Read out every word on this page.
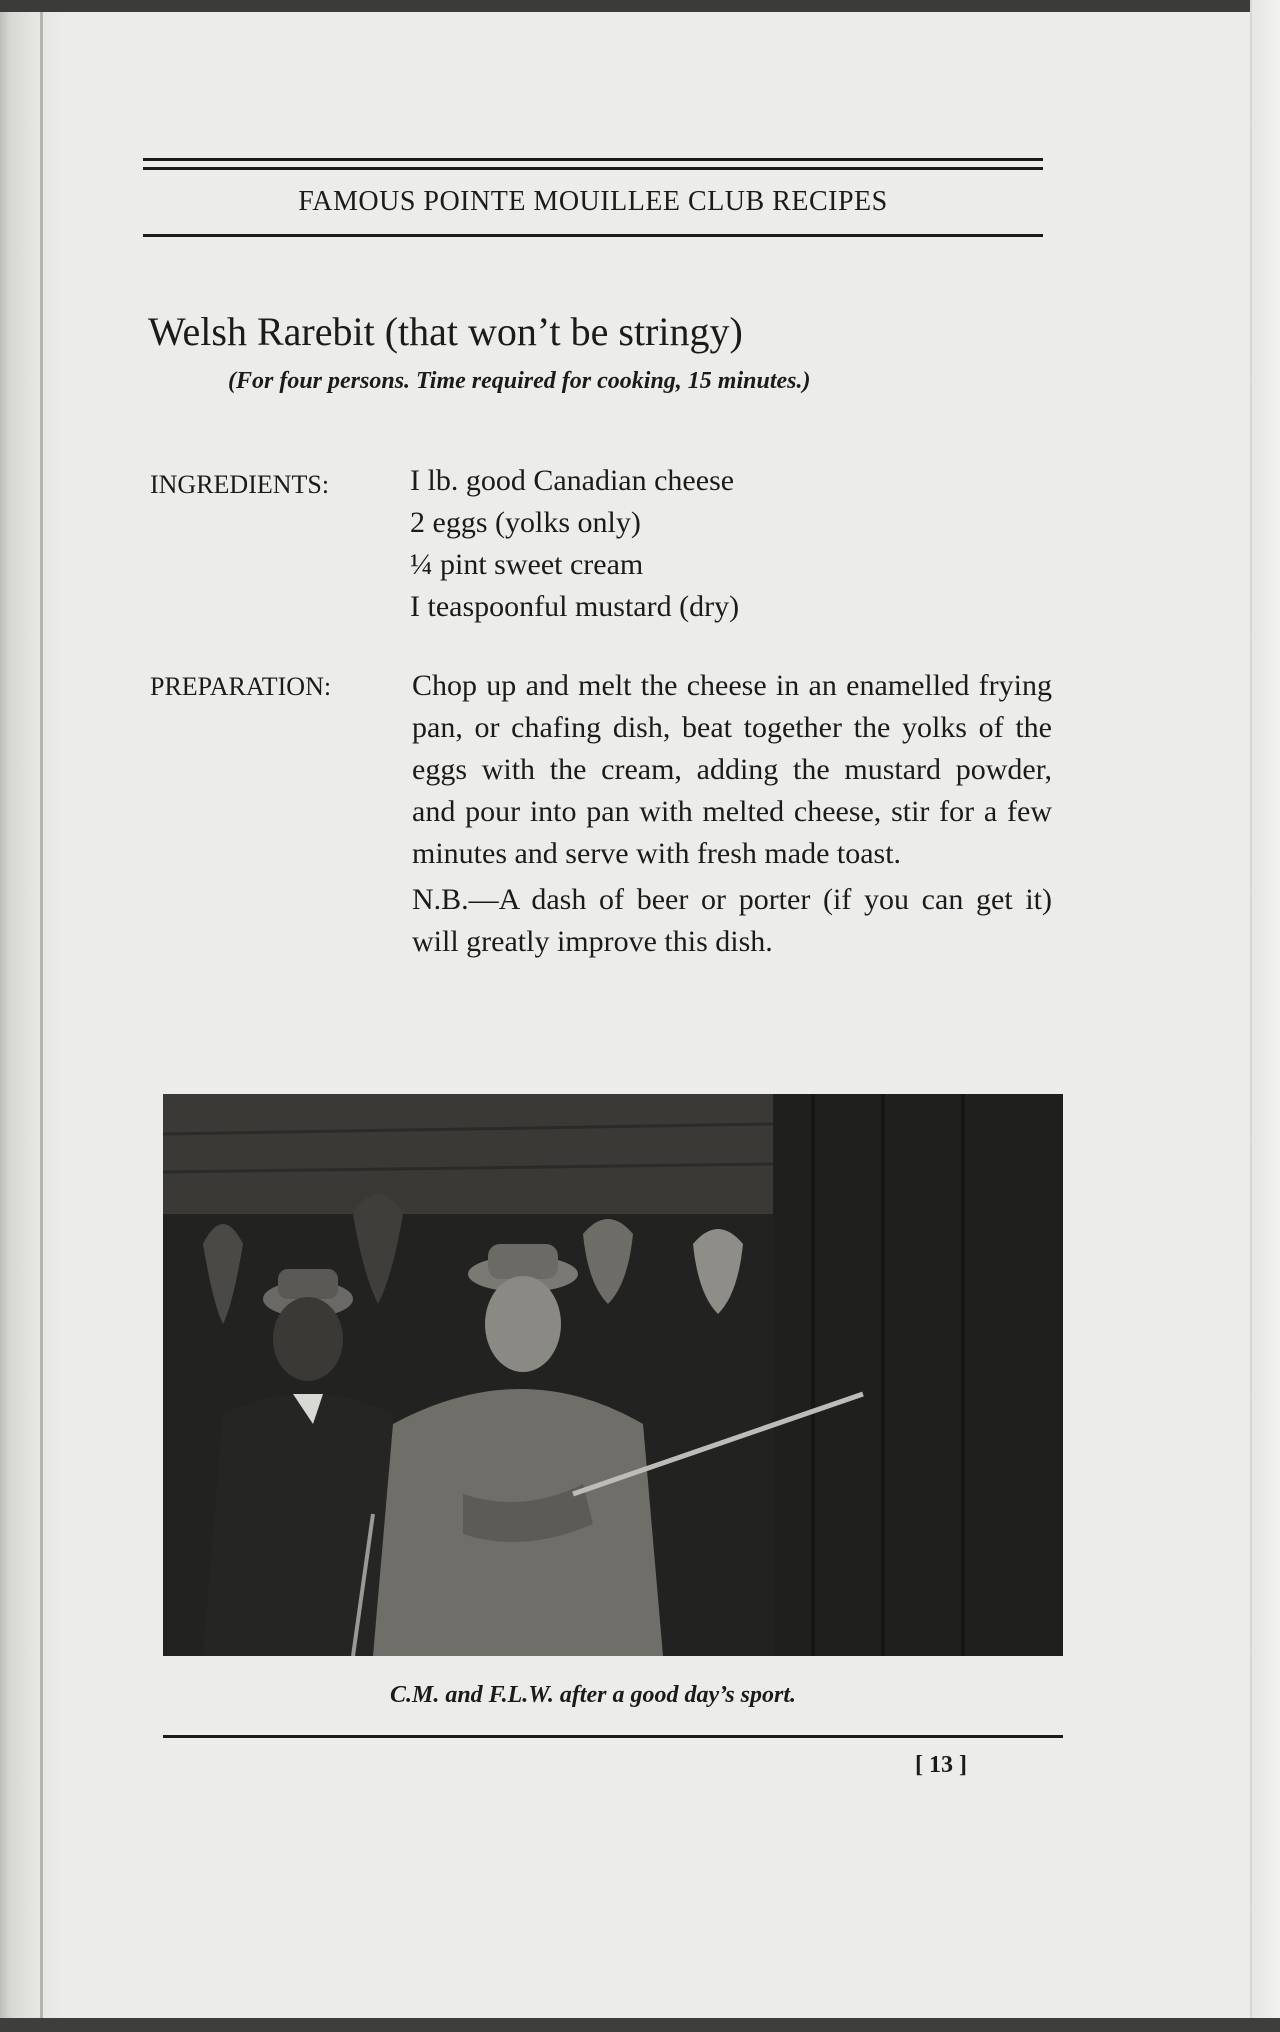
FAMOUS POINTE MOUILLEE CLUB RECIPES
Welsh Rarebit (that won’t be stringy)
(For four persons. Time required for cooking, 15 minutes.)
INGREDIENTS:	I lb. good Canadian cheese
2 eggs (yolks only)
¼ pint sweet cream
I teaspoonful mustard (dry)
PREPARATION:	Chop up and melt the cheese in an enamelled frying pan, or chafing dish, beat together the yolks of the eggs with the cream, adding the mustard powder, and pour into pan with melted cheese, stir for a few minutes and serve with fresh made toast.

N.B.—A dash of beer or porter (if you can get it) will greatly improve this dish.

C.M. and F.L.W. after a good day’s sport.
[ 13 ]
